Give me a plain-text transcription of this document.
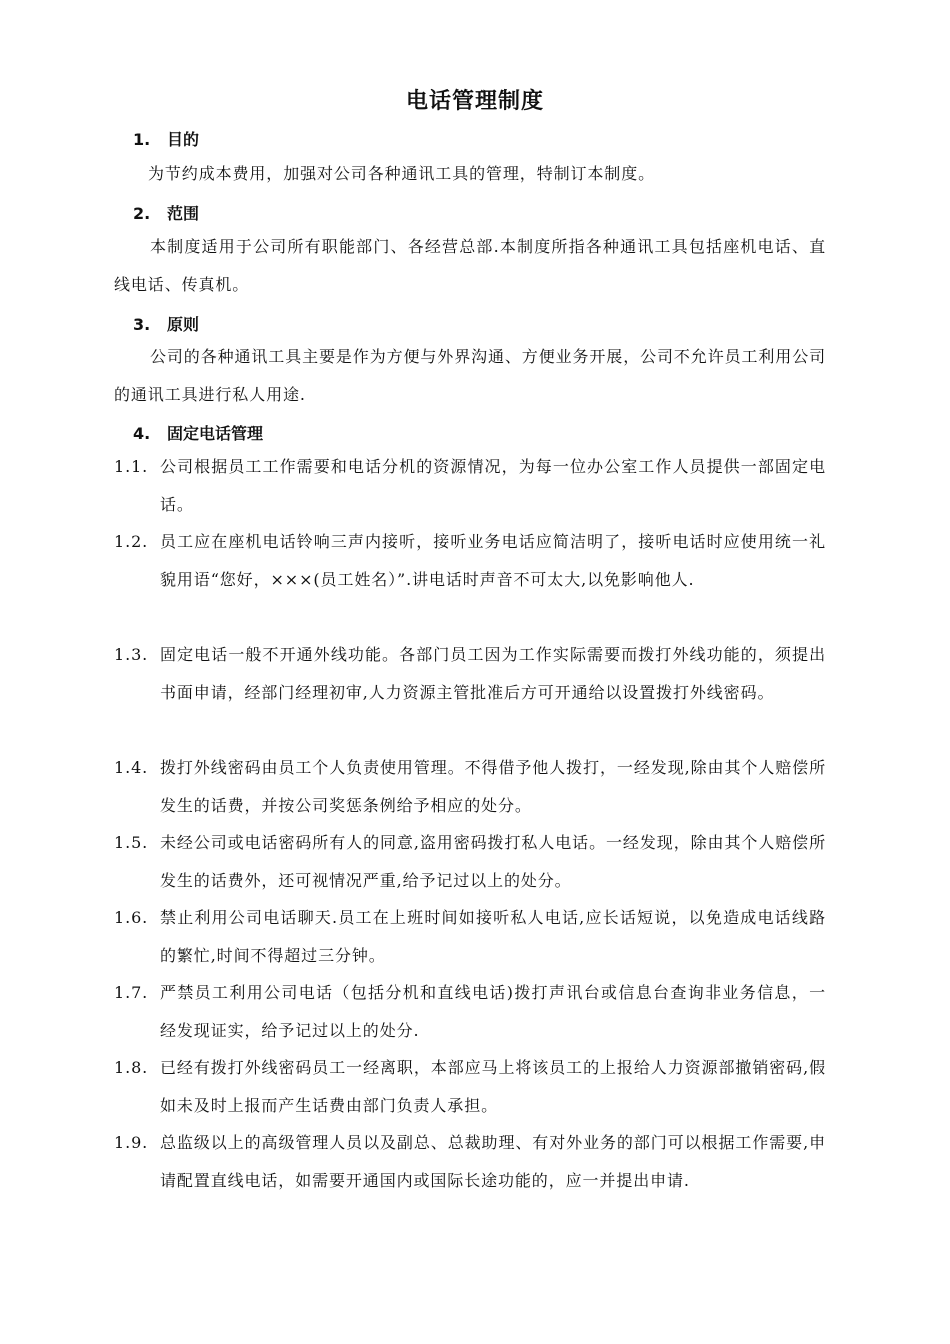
电话管理制度
1. 目的
为节约成本费用，加强对公司各种通讯工具的管理，特制订本制度。
2. 范围
本制度适用于公司所有职能部门、各经营总部.本制度所指各种通讯工具包括座机电话、直线电话、传真机。
3. 原则
公司的各种通讯工具主要是作为方便与外界沟通、方便业务开展，公司不允许员工利用公司的通讯工具进行私人用途.
4. 固定电话管理
1.1. 公司根据员工工作需要和电话分机的资源情况，为每一位办公室工作人员提供一部固定电话。
1.2. 员工应在座机电话铃响三声内接听，接听业务电话应简洁明了，接听电话时应使用统一礼貌用语“您好，×××(员工姓名）”.讲电话时声音不可太大,以免影响他人.
1.3. 固定电话一般不开通外线功能。各部门员工因为工作实际需要而拨打外线功能的，须提出书面申请，经部门经理初审,人力资源主管批准后方可开通给以设置拨打外线密码。
1.4. 拨打外线密码由员工个人负责使用管理。不得借予他人拨打，一经发现,除由其个人赔偿所发生的话费，并按公司奖惩条例给予相应的处分。
1.5. 未经公司或电话密码所有人的同意,盗用密码拨打私人电话。一经发现，除由其个人赔偿所发生的话费外，还可视情况严重,给予记过以上的处分。
1.6. 禁止利用公司电话聊天.员工在上班时间如接听私人电话,应长话短说，以免造成电话线路的繁忙,时间不得超过三分钟。
1.7. 严禁员工利用公司电话（包括分机和直线电话)拨打声讯台或信息台查询非业务信息，一经发现证实，给予记过以上的处分.
1.8. 已经有拨打外线密码员工一经离职，本部应马上将该员工的上报给人力资源部撤销密码,假如未及时上报而产生话费由部门负责人承担。
1.9. 总监级以上的高级管理人员以及副总、总裁助理、有对外业务的部门可以根据工作需要,申请配置直线电话，如需要开通国内或国际长途功能的，应一并提出申请.
